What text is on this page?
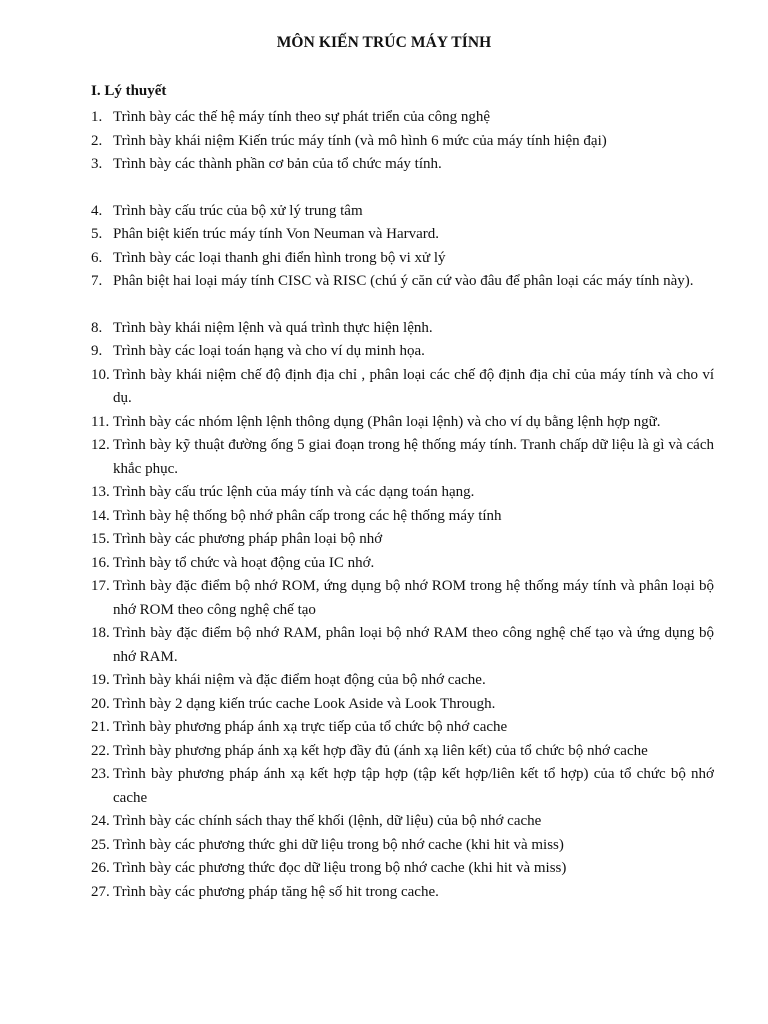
MÔN KIẾN TRÚC MÁY TÍNH
I. Lý thuyết
1. Trình bày các thế hệ máy tính theo sự phát triển của công nghệ
2. Trình bày khái niệm Kiến trúc máy tính (và mô hình 6 mức của máy tính hiện đại)
3. Trình bày các thành phần cơ bản của tổ chức máy tính.
4. Trình bày cấu trúc của bộ xử lý trung tâm
5. Phân biệt kiến trúc máy tính Von Neuman và Harvard.
6. Trình bày các loại thanh ghi điển hình trong bộ vi xử lý
7. Phân biệt hai loại máy tính CISC và RISC (chú ý căn cứ vào đâu để phân loại các máy tính này).
8. Trình bày khái niệm lệnh và quá trình thực hiện lệnh.
9. Trình bày các loại toán hạng và cho ví dụ minh họa.
10. Trình bày khái niệm chế độ định địa chỉ , phân loại các chế độ định địa chỉ của máy tính và cho ví dụ.
11. Trình bày các nhóm lệnh lệnh thông dụng (Phân loại lệnh) và cho ví dụ bằng lệnh hợp ngữ.
12. Trình bày kỹ thuật đường ống 5 giai đoạn trong hệ thống máy tính. Tranh chấp dữ liệu là gì và cách khắc phục.
13. Trình bày cấu trúc lệnh của máy tính và các dạng toán hạng.
14. Trình bày hệ thống bộ nhớ phân cấp trong các hệ thống máy tính
15. Trình bày các phương pháp phân loại bộ nhớ
16. Trình bày tổ chức và hoạt động của IC nhớ.
17. Trình bày đặc điểm bộ nhớ ROM, ứng dụng bộ nhớ ROM trong hệ thống máy tính và phân loại bộ nhớ ROM theo công nghệ chế tạo
18. Trình bày đặc điểm bộ nhớ RAM, phân loại bộ nhớ RAM theo công nghệ chế tạo và ứng dụng bộ nhớ RAM.
19. Trình bày khái niệm và đặc điểm hoạt động của bộ nhớ cache.
20. Trình bày 2 dạng kiến trúc cache Look Aside và Look Through.
21. Trình bày phương pháp ánh xạ trực tiếp của tổ chức bộ nhớ cache
22. Trình bày phương pháp ánh xạ kết hợp đầy đủ (ánh xạ liên kết) của tổ chức bộ nhớ cache
23. Trình bày phương pháp ánh xạ kết hợp tập hợp (tập kết hợp/liên kết tổ hợp) của tổ chức bộ nhớ cache
24. Trình bày các chính sách thay thế khối (lệnh, dữ liệu) của bộ nhớ cache
25. Trình bày các phương thức ghi dữ liệu trong bộ nhớ cache (khi hit và miss)
26. Trình bày các phương thức đọc dữ liệu trong bộ nhớ cache (khi hit và miss)
27. Trình bày các phương pháp tăng hệ số hit trong cache.
